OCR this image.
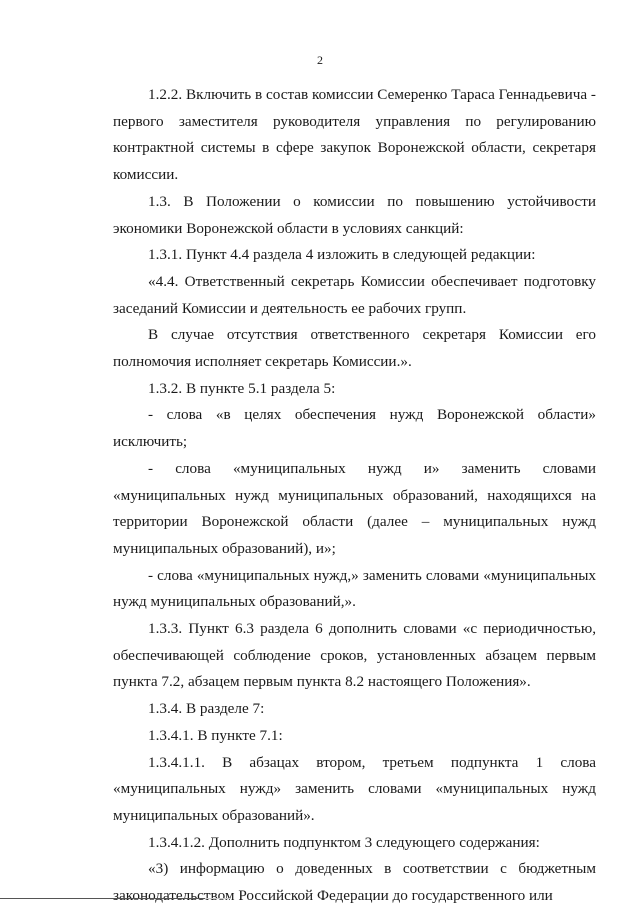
2

1.2.2. Включить в состав комиссии Семеренко Тараса Геннадьевича - первого заместителя руководителя управления по регулированию контрактной системы в сфере закупок Воронежской области, секретаря комиссии.

1.3. В Положении о комиссии по повышению устойчивости экономики Воронежской области в условиях санкций:

1.3.1. Пункт 4.4 раздела 4 изложить в следующей редакции:

«4.4. Ответственный секретарь Комиссии обеспечивает подготовку заседаний Комиссии и деятельность ее рабочих групп.

В случае отсутствия ответственного секретаря Комиссии его полномочия исполняет секретарь Комиссии.».

1.3.2. В пункте 5.1 раздела 5:

- слова «в целях обеспечения нужд Воронежской области» исключить;

- слова «муниципальных нужд и» заменить словами «муниципальных нужд муниципальных образований, находящихся на территории Воронежской области (далее – муниципальных нужд муниципальных образований), и»;

- слова «муниципальных нужд,» заменить словами «муниципальных нужд муниципальных образований,».

1.3.3. Пункт 6.3 раздела 6 дополнить словами «с периодичностью, обеспечивающей соблюдение сроков, установленных абзацем первым пункта 7.2, абзацем первым пункта 8.2 настоящего Положения».

1.3.4. В разделе 7:

1.3.4.1. В пункте 7.1:

1.3.4.1.1. В абзацах втором, третьем подпункта 1 слова «муниципальных нужд» заменить словами «муниципальных нужд муниципальных образований».

1.3.4.1.2. Дополнить подпунктом 3 следующего содержания:

«3) информацию о доведенных в соответствии с бюджетным законодательством Российской Федерации до государственного или
